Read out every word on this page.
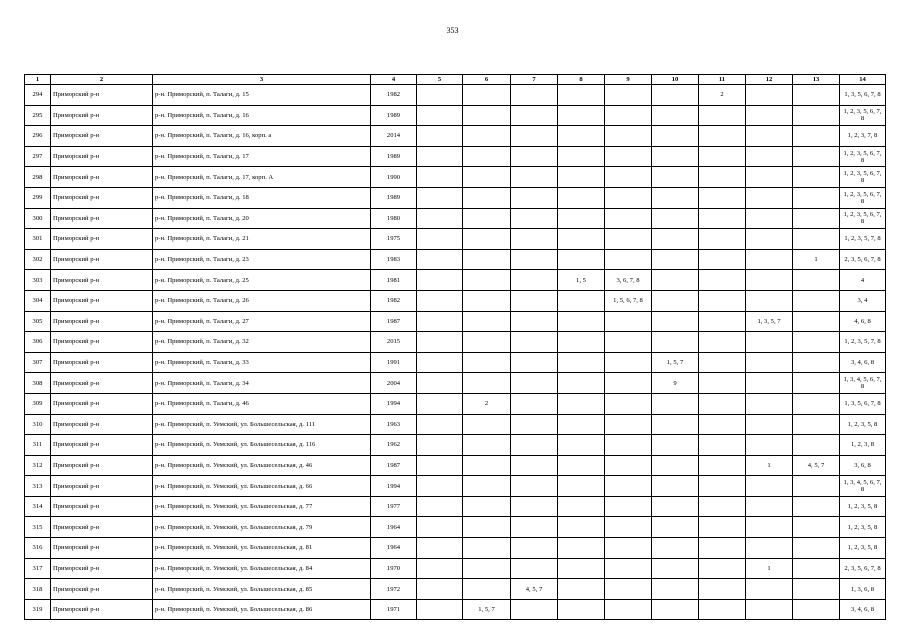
353
1	2	3	4	5	6	7	8	9	10	11	12	13	14
294	Приморский р-н	р-н. Приморский, п. Талаги, д. 15	1982							2			1, 3, 5, 6, 7, 8
295	Приморский р-н	р-н. Приморский, п. Талаги, д. 16	1989										1, 2, 3, 5, 6, 7, 8
296	Приморский р-н	р-н. Приморский, п. Талаги, д. 16, корп. а	2014										1, 2, 3, 7, 8
297	Приморский р-н	р-н. Приморский, п. Талаги, д. 17	1989										1, 2, 3, 5, 6, 7, 8
298	Приморский р-н	р-н. Приморский, п. Талаги, д. 17, корп. А	1990										1, 2, 3, 5, 6, 7, 8
299	Приморский р-н	р-н. Приморский, п. Талаги, д. 18	1989										1, 2, 3, 5, 6, 7, 8
300	Приморский р-н	р-н. Приморский, п. Талаги, д. 20	1980										1, 2, 3, 5, 6, 7, 8
301	Приморский р-н	р-н. Приморский, п. Талаги, д. 21	1975										1, 2, 3, 5, 7, 8
302	Приморский р-н	р-н. Приморский, п. Талаги, д. 23	1983									1	2, 3, 5, 6, 7, 8
303	Приморский р-н	р-н. Приморский, п. Талаги, д. 25	1981				1, 5	3, 6, 7, 8					4
304	Приморский р-н	р-н. Приморский, п. Талаги, д. 26	1982					1, 5, 6, 7, 8					3, 4
305	Приморский р-н	р-н. Приморский, п. Талаги, д. 27	1987								1, 3, 5, 7		4, 6, 8
306	Приморский р-н	р-н. Приморский, п. Талаги, д. 32	2015										1, 2, 3, 5, 7, 8
307	Приморский р-н	р-н. Приморский, п. Талаги, д. 33	1991						1, 5, 7				3, 4, 6, 8
308	Приморский р-н	р-н. Приморский, п. Талаги, д. 34	2004						9				1, 3, 4, 5, 6, 7, 8
309	Приморский р-н	р-н. Приморский, п. Талаги, д. 46	1994		2								1, 3, 5, 6, 7, 8
310	Приморский р-н	р-н. Приморский, п. Уемский, ул. Большесельская, д. 111	1963										1, 2, 3, 5, 8
311	Приморский р-н	р-н. Приморский, п. Уемский, ул. Большесельская, д. 116	1962										1, 2, 3, 8
312	Приморский р-н	р-н. Приморский, п. Уемский, ул. Большесельская, д. 46	1987								1	4, 5, 7	3, 6, 8
313	Приморский р-н	р-н. Приморский, п. Уемский, ул. Большесельская, д. 66	1994										1, 3, 4, 5, 6, 7, 8
314	Приморский р-н	р-н. Приморский, п. Уемский, ул. Большесельская, д. 77	1977										1, 2, 3, 5, 8
315	Приморский р-н	р-н. Приморский, п. Уемский, ул. Большесельская, д. 79	1964										1, 2, 3, 5, 8
316	Приморский р-н	р-н. Приморский, п. Уемский, ул. Большесельская, д. 81	1964										1, 2, 3, 5, 8
317	Приморский р-н	р-н. Приморский, п. Уемский, ул. Большесельская, д. 84	1970								1		2, 3, 5, 6, 7, 8
318	Приморский р-н	р-н. Приморский, п. Уемский, ул. Большесельская, д. 85	1972			4, 5, 7							1, 3, 6, 8
319	Приморский р-н	р-н. Приморский, п. Уемский, ул. Большесельская, д. 86	1971		1, 5, 7								3, 4, 6, 8
